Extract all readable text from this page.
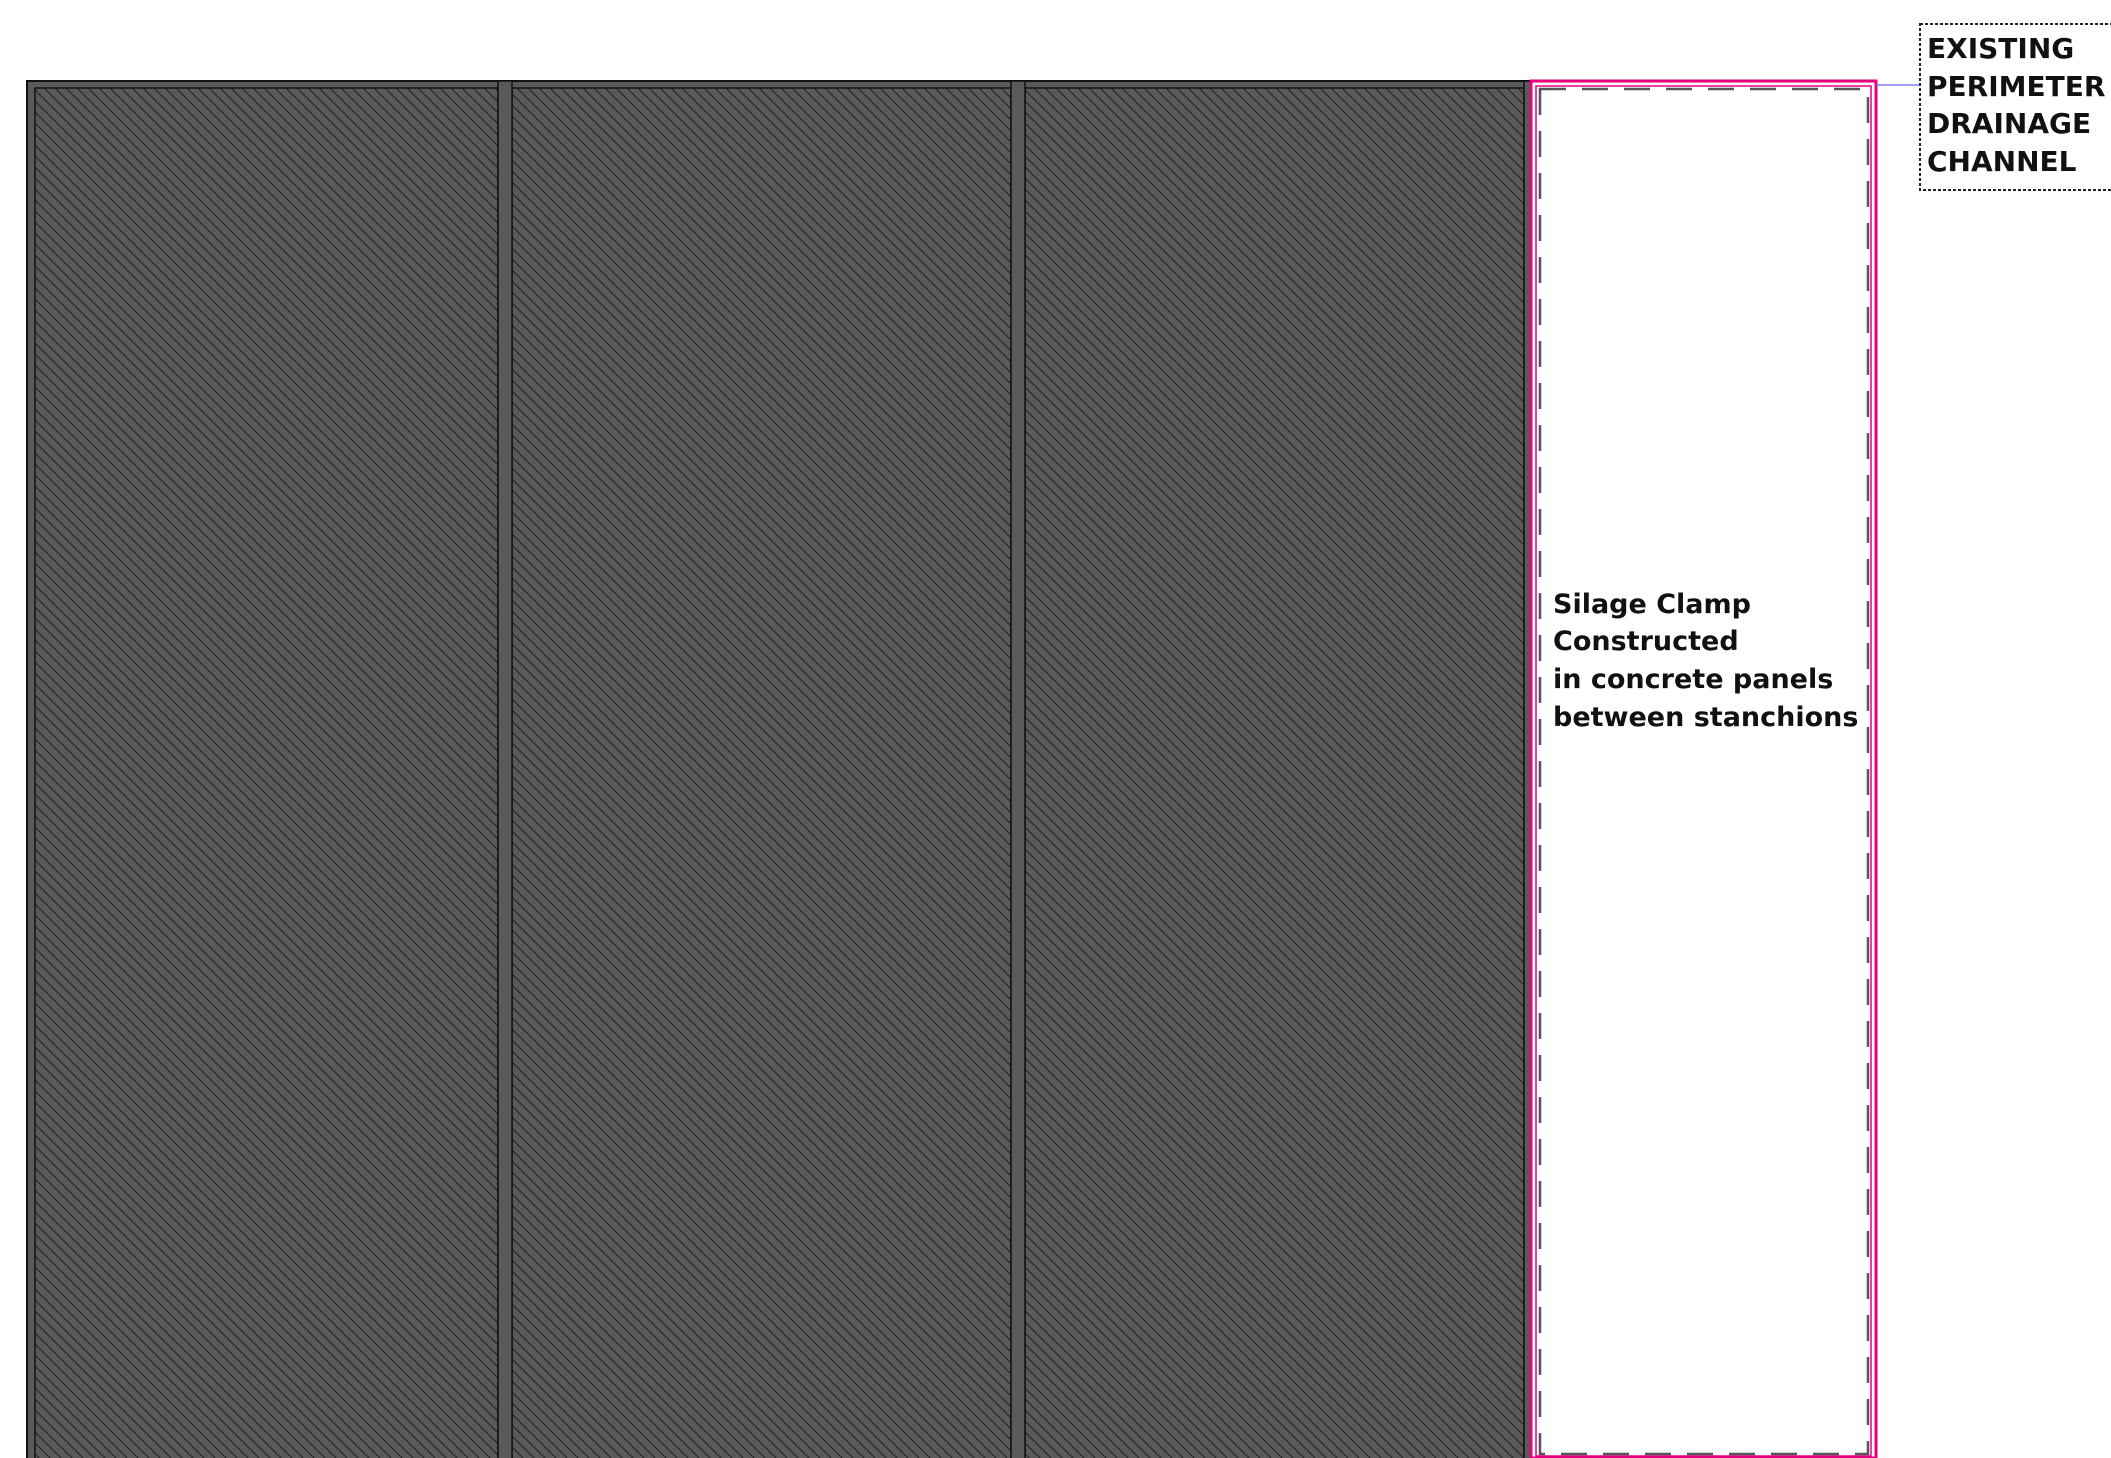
EXISTING PERIMETER DRAINAGE CHANNEL
Silage Clamp Constructed in concrete panels between stanchions
